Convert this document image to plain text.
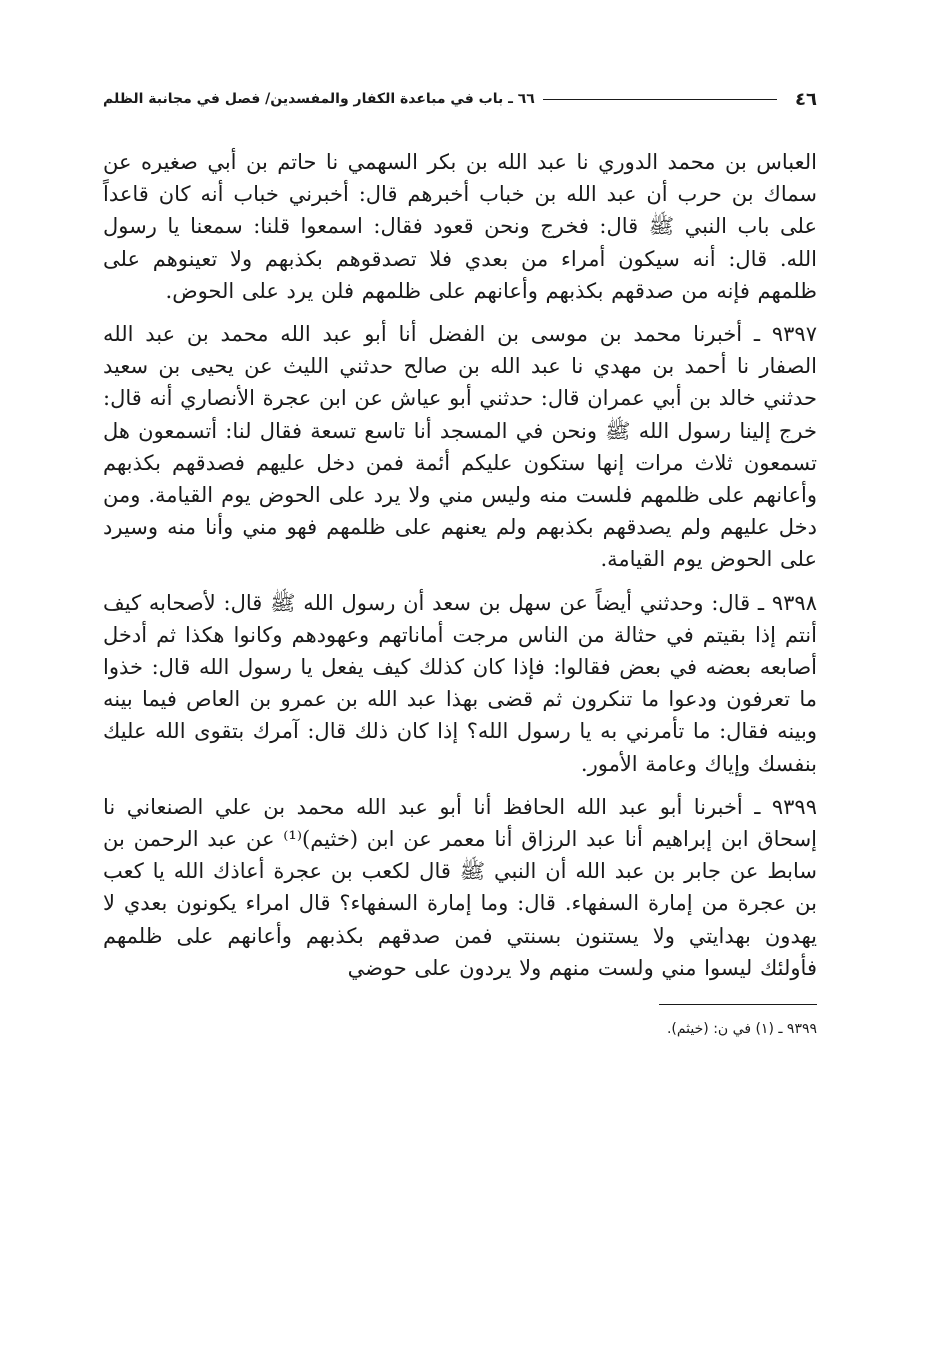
٤٦
٦٦ ـ باب في مباعدة الكفار والمفسدين/ فصل في مجانبة الظلم

العباس بن محمد الدوري نا عبد الله بن بكر السهمي نا حاتم بن أبي صغيره عن سماك بن حرب أن عبد الله بن خباب أخبرهم قال: أخبرني خباب أنه كان قاعداً على باب النبي ﷺ قال: فخرج ونحن قعود فقال: اسمعوا قلنا: سمعنا يا رسول الله. قال: أنه سيكون أمراء من بعدي فلا تصدقوهم بكذبهم ولا تعينوهم على ظلمهم فإنه من صدقهم بكذبهم وأعانهم على ظلمهم فلن يرد على الحوض.

٩٣٩٧ ـ أخبرنا محمد بن موسى بن الفضل أنا أبو عبد الله محمد بن عبد الله الصفار نا أحمد بن مهدي نا عبد الله بن صالح حدثني الليث عن يحيى بن سعيد حدثني خالد بن أبي عمران قال: حدثني أبو عياش عن ابن عجرة الأنصاري أنه قال: خرج إلينا رسول الله ﷺ ونحن في المسجد أنا تاسع تسعة فقال لنا: أتسمعون هل تسمعون ثلاث مرات إنها ستكون عليكم أئمة فمن دخل عليهم فصدقهم بكذبهم وأعانهم على ظلمهم فلست منه وليس مني ولا يرد على الحوض يوم القيامة. ومن دخل عليهم ولم يصدقهم بكذبهم ولم يعنهم على ظلمهم فهو مني وأنا منه وسيرد على الحوض يوم القيامة.

٩٣٩٨ ـ قال: وحدثني أيضاً عن سهل بن سعد أن رسول الله ﷺ قال: لأصحابه كيف أنتم إذا بقيتم في حثالة من الناس مرجت أماناتهم وعهودهم وكانوا هكذا ثم أدخل أصابعه بعضه في بعض فقالوا: فإذا كان كذلك كيف يفعل يا رسول الله قال: خذوا ما تعرفون ودعوا ما تنكرون ثم قضى بهذا عبد الله بن عمرو بن العاص فيما بينه وبينه فقال: ما تأمرني به يا رسول الله؟ إذا كان ذلك قال: آمرك بتقوى الله عليك بنفسك وإياك وعامة الأمور.

٩٣٩٩ ـ أخبرنا أبو عبد الله الحافظ أنا أبو عبد الله محمد بن علي الصنعاني نا إسحاق ابن إبراهيم أنا عبد الرزاق أنا معمر عن ابن (خثيم)⁽¹⁾ عن عبد الرحمن بن سابط عن جابر بن عبد الله أن النبي ﷺ قال لكعب بن عجرة أعاذك الله يا كعب بن عجرة من إمارة السفهاء. قال: وما إمارة السفهاء؟ قال امراء يكونون بعدي لا يهدون بهدايتي ولا يستنون بسنتي فمن صدقهم بكذبهم وأعانهم على ظلمهم فأولئك ليسوا مني ولست منهم ولا يردون على حوضي

٩٣٩٩ ـ (١) في ن: (خيثم).
